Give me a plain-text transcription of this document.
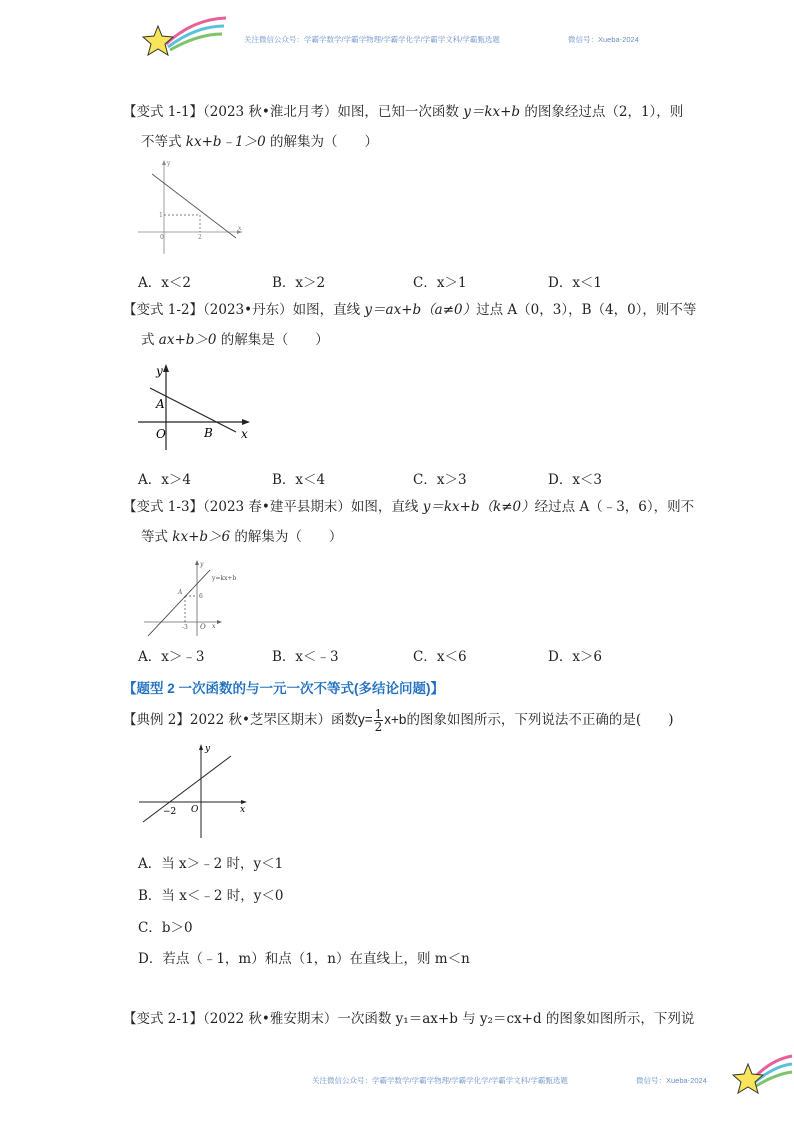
关注微信公众号：学霸学数学/学霸学物理/学霸学化学/学霸学文科/学霸甄选题	微信号：Xueba-2024
【变式 1-1】（2023 秋•淮北月考）如图，已知一次函数 y＝kx+b 的图象经过点（2，1），则
不等式 kx+b﹣1＞0 的解集为（　　）
y
0
x
1
2
A．x＜2	B．x＞2	C．x＞1	D．x＜1
【变式 1-2】（2023•丹东）如图，直线 y＝ax+b（a≠0）过点 A（0，3），B（4，0），则不等
式 ax+b＞0 的解集是（　　）
y
A
O	B x
A．x＞4	B．x＜4	C．x＞3	D．x＜3
【变式 1-3】（2023 春•建平县期末）如图，直线 y＝kx+b（k≠0）经过点 A（﹣3，6），则不
等式 kx+b＞6 的解集为（　　）
y
y=kx+b
A
6
-3 O x
A．x＞﹣3	B．x＜﹣3	C．x＜6	D．x＞6
【题型 2 一次函数的与一元一次不等式(多结论问题)】
【典例 2】2022 秋•芝罘区期末）函数$y= \frac{1}{2} x+b$的图象如图所示，下列说法不正确的是(　　)
y
−2 O	x
A．当 x＞﹣2 时，y＜1
B．当 x＜﹣2 时，y＜0
C．b＞0
D．若点（﹣1，m）和点（1，n）在直线上，则 m＜n
【变式 2-1】（2022 秋•雅安期末）一次函数 y₁＝ax+b 与 y₂＝cx+d 的图象如图所示，下列说
关注微信公众号：学霸学数学/学霸学物理/学霸学化学/学霸学文科/学霸甄选题	微信号：Xueba-2024
